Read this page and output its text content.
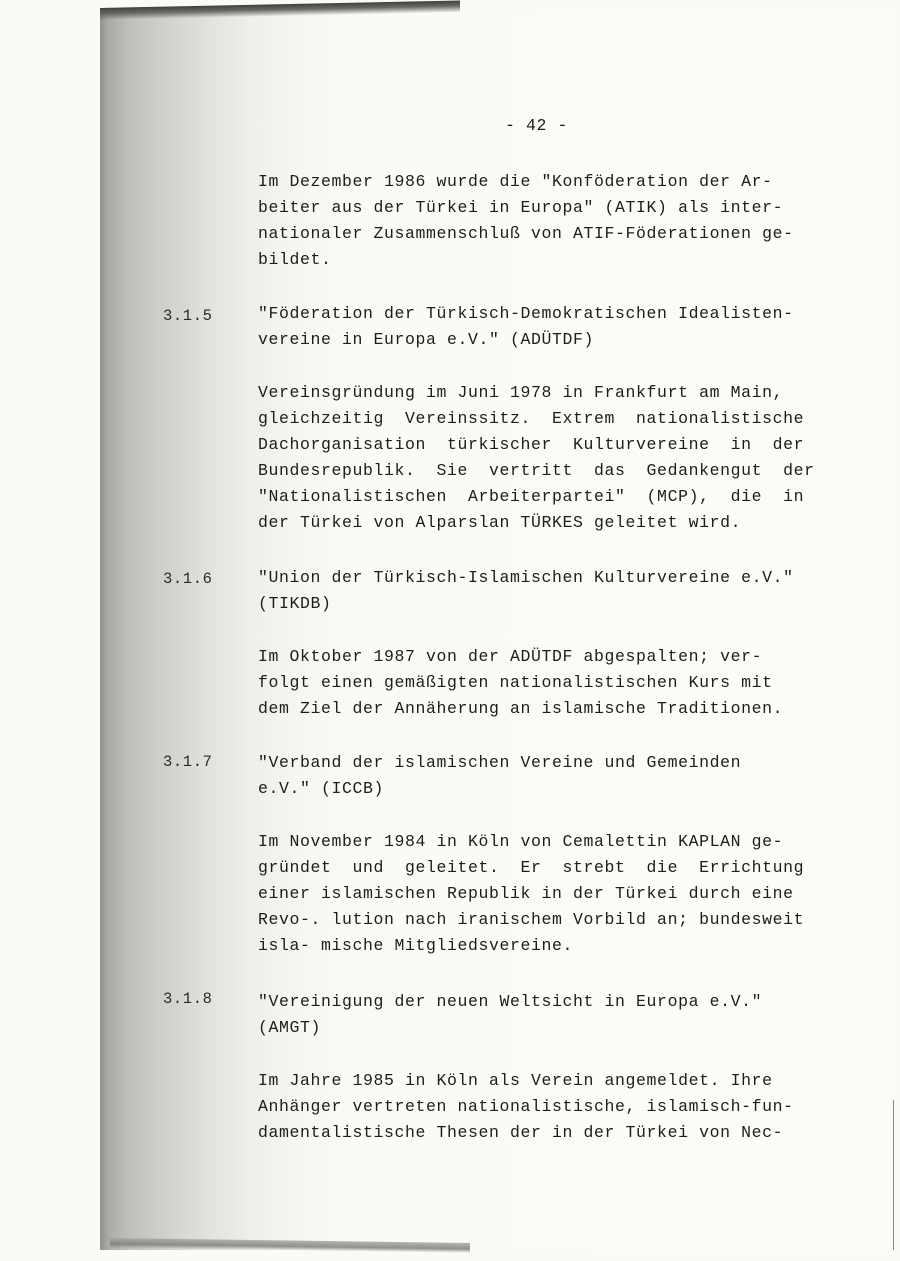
- 42 -
Im Dezember 1986 wurde die "Konföderation der Ar-
beiter aus der Türkei in Europa" (ATIK) als inter-
nationaler Zusammenschluß von ATIF-Föderationen ge-
bildet.
3.1.5	"Föderation der Türkisch-Demokratischen Idealisten-
vereine in Europa e.V." (ADÜTDF)
Vereinsgründung im Juni 1978 in Frankfurt am Main,
gleichzeitig  Vereinssitz.  Extrem  nationalistische
Dachorganisation  türkischer  Kulturvereine  in  der
Bundesrepublik.  Sie  vertritt  das  Gedankengut  der
"Nationalistischen  Arbeiterpartei"  (MCP),  die  in
der Türkei von Alparslan TÜRKES geleitet wird.
3.1.6	"Union der Türkisch-Islamischen Kulturvereine e.V."
(TIKDB)
Im Oktober 1987 von der ADÜTDF abgespalten; ver-
folgt einen gemäßigten nationalistischen Kurs mit
dem Ziel der Annäherung an islamische Traditionen.
3.1.7	"Verband der islamischen Vereine und Gemeinden
e.V." (ICCB)
Im November 1984 in Köln von Cemalettin KAPLAN ge-
gründet  und  geleitet.  Er  strebt  die  Errichtung
einer islamischen Republik in der Türkei durch eine
Revo-. lution nach iranischem Vorbild an; bundesweit
isla- mische Mitgliedsvereine.
3.1.8	"Vereinigung der neuen Weltsicht in Europa e.V."
(AMGT)
Im Jahre 1985 in Köln als Verein angemeldet. Ihre
Anhänger vertreten nationalistische, islamisch-fun-
damentalistische Thesen der in der Türkei von Nec-
